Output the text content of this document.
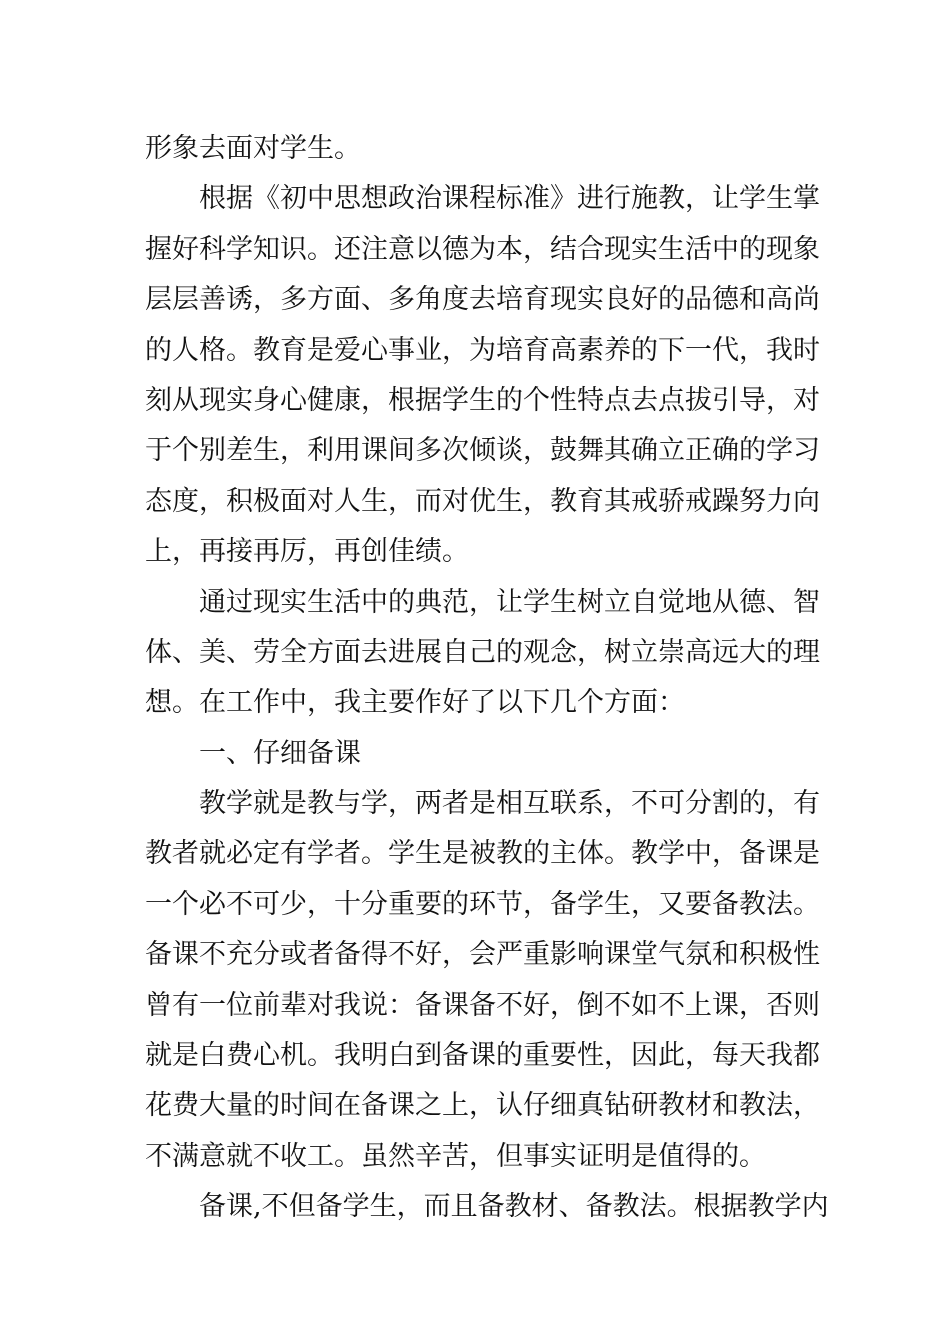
形象去面对学生。
根据《初中思想政治课程标准》进行施教，让学生掌
握好科学知识。还注意以德为本，结合现实生活中的现象
层层善诱，多方面、多角度去培育现实良好的品德和高尚
的人格。教育是爱心事业，为培育高素养的下一代，我时
刻从现实身心健康，根据学生的个性特点去点拔引导，对
于个别差生，利用课间多次倾谈，鼓舞其确立正确的学习
态度，积极面对人生，而对优生，教育其戒骄戒躁努力向
上，再接再厉，再创佳绩。
通过现实生活中的典范，让学生树立自觉地从德、智
体、美、劳全方面去进展自己的观念，树立崇高远大的理
想。在工作中，我主要作好了以下几个方面：
一、仔细备课
教学就是教与学，两者是相互联系，不可分割的，有
教者就必定有学者。学生是被教的主体。教学中，备课是
一个必不可少，十分重要的环节，备学生，又要备教法。
备课不充分或者备得不好，会严重影响课堂气氛和积极性
曾有一位前辈对我说：备课备不好，倒不如不上课，否则
就是白费心机。我明白到备课的重要性，因此，每天我都
花费大量的时间在备课之上，认仔细真钻研教材和教法，
不满意就不收工。虽然辛苦，但事实证明是值得的。
备课,不但备学生，而且备教材、备教法。根据教学内
